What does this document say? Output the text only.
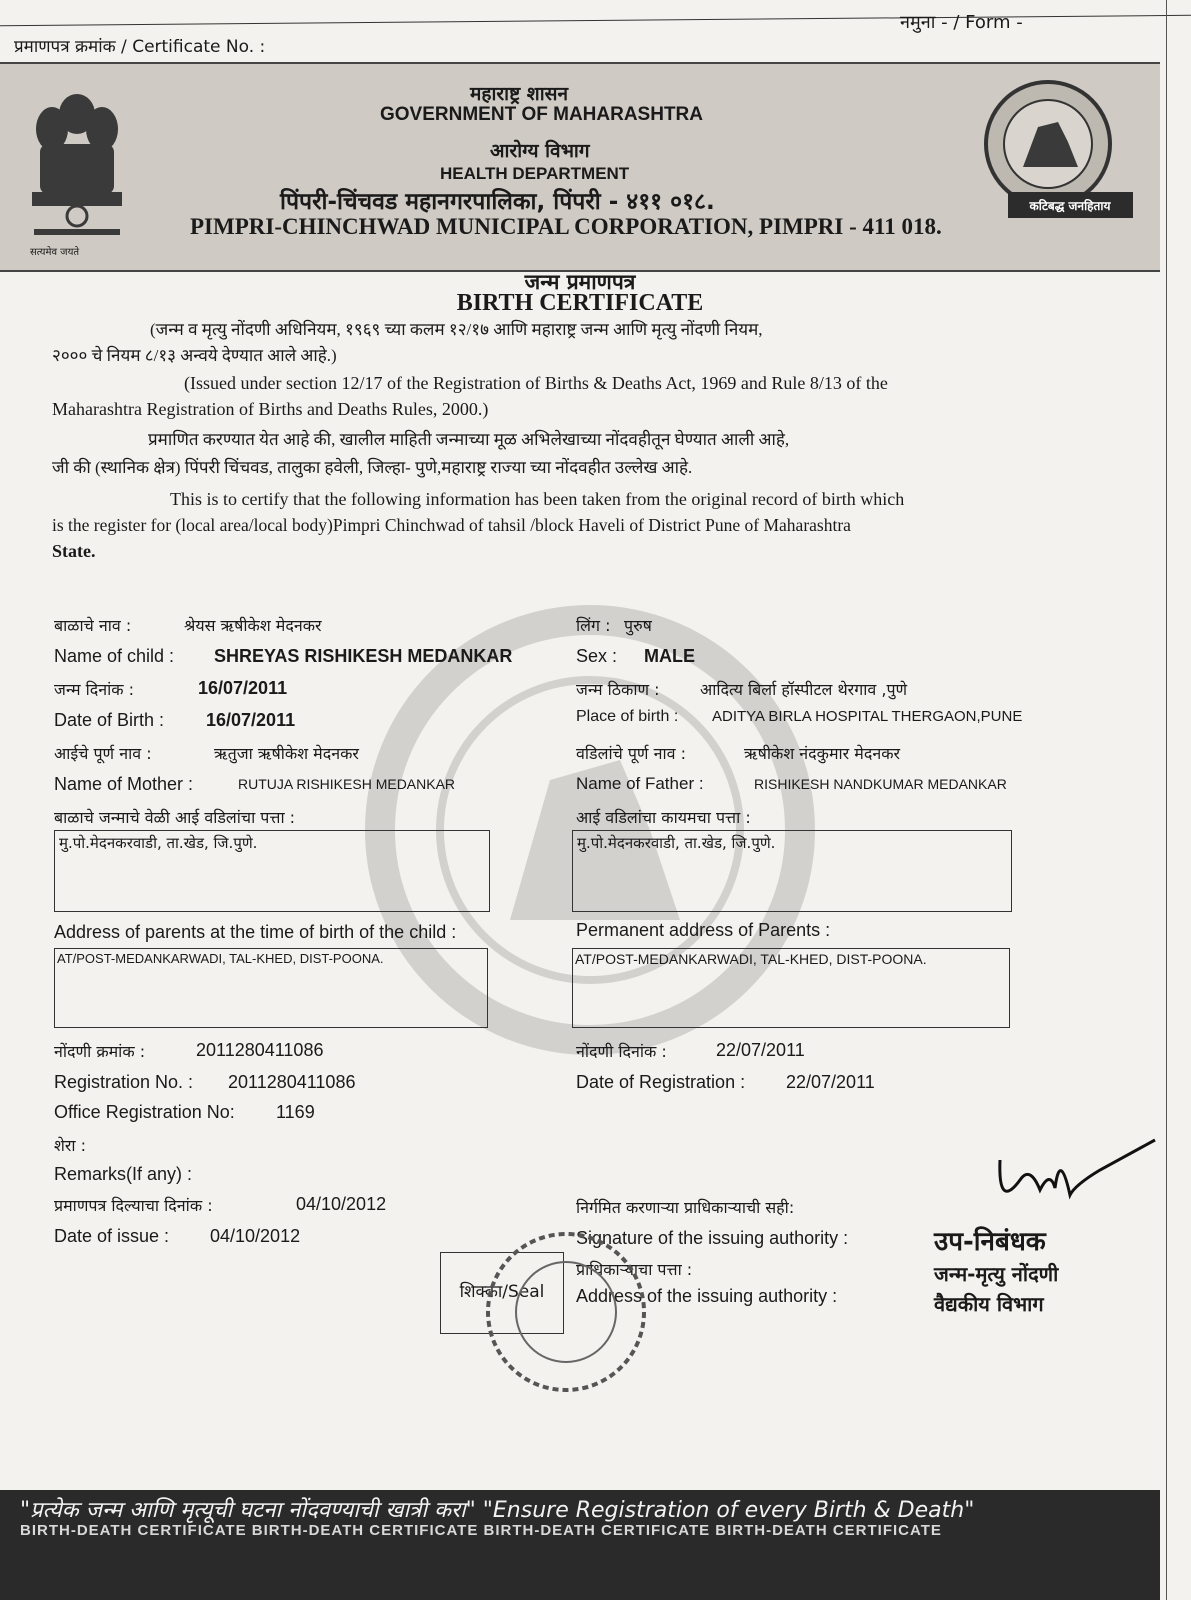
प्रमाणपत्र क्रमांक / Certificate No. :
नमुना - / Form -
सत्यमेव जयते
महाराष्ट्र शासन
GOVERNMENT OF MAHARASHTRA
आरोग्य विभाग
HEALTH DEPARTMENT
पिंपरी-चिंचवड महानगरपालिका, पिंपरी - ४११ ०१८.
PIMPRI-CHINCHWAD MUNICIPAL CORPORATION, PIMPRI - 411 018.
कटिबद्ध जनहिताय
जन्म प्रमाणपत्र
BIRTH CERTIFICATE
(जन्म व मृत्यु नोंदणी अधिनियम, १९६९ च्या कलम १२/१७ आणि महाराष्ट्र जन्म आणि मृत्यु नोंदणी नियम,
२००० चे नियम ८/१३ अन्वये देण्यात आले आहे.)
(Issued under section 12/17 of the Registration of Births & Deaths Act, 1969 and Rule 8/13 of the
Maharashtra Registration of Births and Deaths Rules, 2000.)
प्रमाणित करण्यात येत आहे की, खालील माहिती जन्माच्या मूळ अभिलेखाच्या नोंदवहीतून घेण्यात आली आहे,
जी की (स्थानिक क्षेत्र) पिंपरी चिंचवड, तालुका हवेली, जिल्हा- पुणे,महाराष्ट्र राज्या च्या नोंदवहीत उल्लेख आहे.
This is to certify that the following information has been taken from the original record of birth which
is the register for (local area/local body)Pimpri Chinchwad of tahsil /block Haveli of District Pune of Maharashtra
State.
बाळाचे नाव :	श्रेयस ऋषीकेश मेदनकर	लिंग : पुरुष
Name of child : SHREYAS RISHIKESH MEDANKAR	Sex : MALE
जन्म दिनांक :	16/07/2011	जन्म ठिकाण :	आदित्य बिर्ला हॉस्पीटल थेरगाव ,पुणे
Date of Birth : 16/07/2011	Place of birth : ADITYA BIRLA HOSPITAL THERGAON,PUNE
आईचे पूर्ण नाव :	ऋतुजा ऋषीकेश मेदनकर	वडिलांचे पूर्ण नाव :	ऋषीकेश नंदकुमार मेदनकर
Name of Mother :	RUTUJA RISHIKESH MEDANKAR	Name of Father :	RISHIKESH NANDKUMAR MEDANKAR
बाळाचे जन्माचे वेळी आई वडिलांचा पत्ता :	आई वडिलांचा कायमचा पत्ता :
मु.पो.मेदनकरवाडी, ता.खेड, जि.पुणे.	मु.पो.मेदनकरवाडी, ता.खेड, जि.पुणे.
Address of parents at the time of birth of the child :	Permanent address of Parents :
AT/POST-MEDANKARWADI, TAL-KHED, DIST-POONA.	AT/POST-MEDANKARWADI, TAL-KHED, DIST-POONA.
नोंदणी क्रमांक :	2011280411086	नोंदणी दिनांक :	22/07/2011
Registration No. : 2011280411086	Date of Registration : 22/07/2011
Office Registration No: 1169
शेरा :
Remarks(If any) :
प्रमाणपत्र दिल्याचा दिनांक :	04/10/2012	निर्गमित करणाऱ्या प्राधिकाऱ्याची सही:
Date of issue : 04/10/2012	Signature of the issuing authority :
प्राधिकाऱ्याचा पत्ता :
Address of the issuing authority :
शिक्का/Seal
उप-निबंधक
जन्म-मृत्यु नोंदणी
वैद्यकीय विभाग
"प्रत्येक जन्म आणि मृत्यूची घटना नोंदवण्याची खात्री करा" "Ensure Registration of every Birth & Death"
BIRTH-DEATH CERTIFICATE BIRTH-DEATH CERTIFICATE BIRTH-DEATH CERTIFICATE BIRTH-DEATH CERTIFICATE
